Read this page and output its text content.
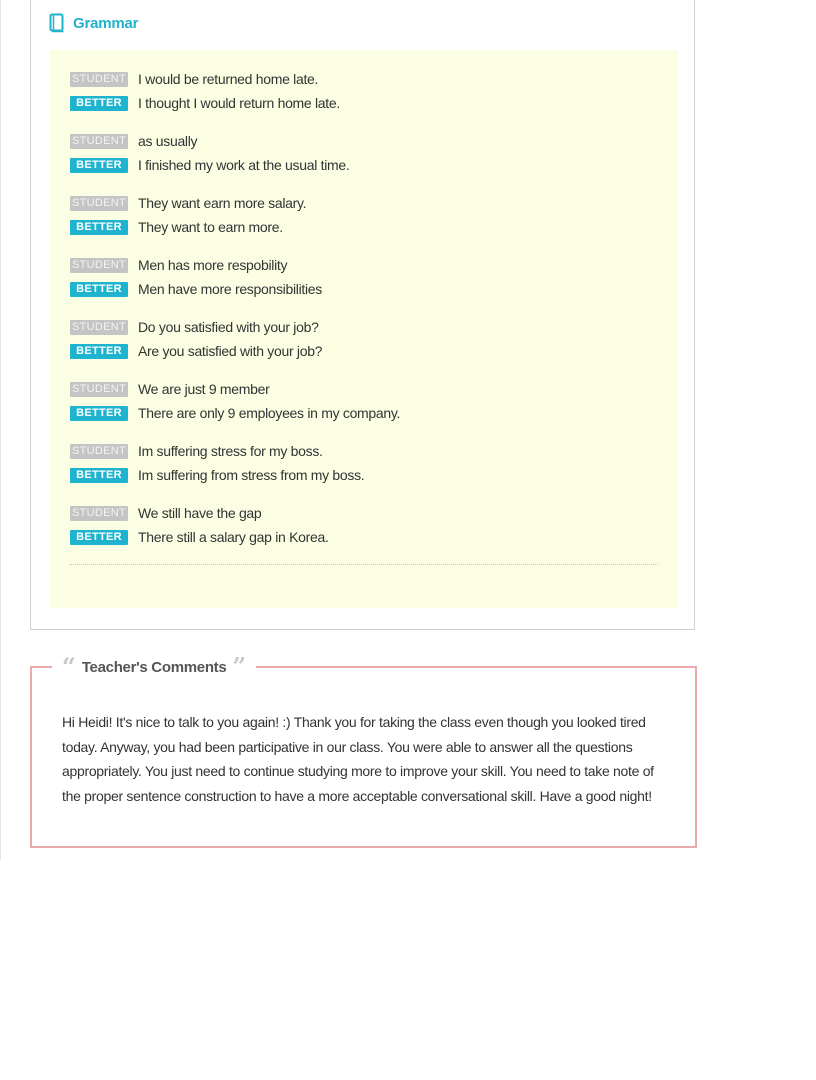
Grammar
STUDENT I would be returned home late.
BETTER	I thought I would return home late.
STUDENT as usually
BETTER	I finished my work at the usual time.
STUDENT They want earn more salary.
BETTER	They want to earn more.
STUDENT Men has more respobility
BETTER	Men have more responsibilities
STUDENT Do you satisfied with your job?
BETTER	Are you satisfied with your job?
STUDENT We are just 9 member
BETTER	There are only 9 employees in my company.
STUDENT Im suffering stress for my boss.
BETTER	Im suffering from stress from my boss.
STUDENT We still have the gap
BETTER	There still a salary gap in Korea.
“ Teacher's Comments ”
Hi Heidi! It's nice to talk to you again! :) Thank you for taking the class even though you looked tired today. Anyway, you had been participative in our class. You were able to answer all the questions appropriately. You just need to continue studying more to improve your skill. You need to take note of the proper sentence construction to have a more acceptable conversational skill. Have a good night!
